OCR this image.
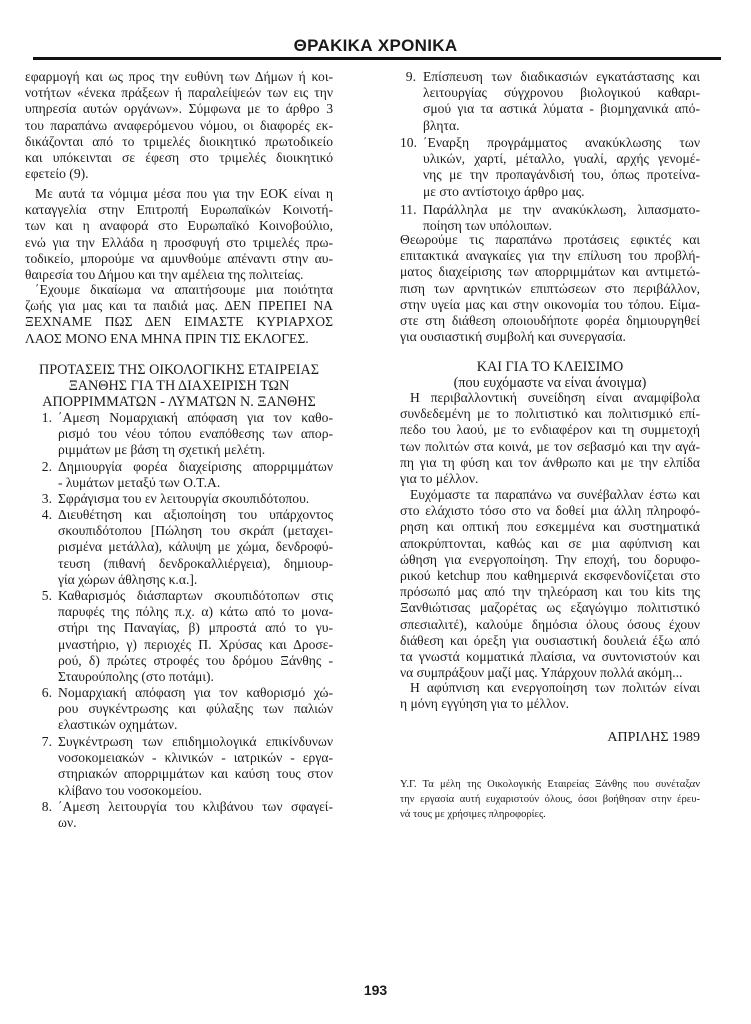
ΘΡΑΚΙΚΑ ΧΡΟΝΙΚΑ
εφαρμογή και ως προς την ευθύνη των Δήμων ή κοι-
νοτήτων «ένεκα πράξεων ή παραλείψεών των εις την
υπηρεσία αυτών οργάνων». Σύμφωνα με το άρθρο 3
του παραπάνω αναφερόμενου νόμου, οι διαφορές εκ-
δικάζονται από το τριμελές διοικητικό πρωτοδικείο
και υπόκεινται σε έφεση στο τριμελές διοικητικό
εφετείο (9).
Με αυτά τα νόμιμα μέσα που για την ΕΟΚ είναι η
καταγγελία στην Επιτροπή Ευρωπαϊκών Κοινοτή-
των και η αναφορά στο Ευρωπαϊκό Κοινοβούλιο,
ενώ για την Ελλάδα η προσφυγή στο τριμελές πρω-
τοδικείο, μπορούμε να αμυνθούμε απέναντι στην αυ-
θαιρεσία του Δήμου και την αμέλεια της πολιτείας.
΄Εχουμε δικαίωμα να απαιτήσουμε μια ποιότητα
ζωής για μας και τα παιδιά μας. ΔΕΝ ΠΡΕΠΕΙ ΝΑ
ΞΕΧΝΑΜΕ ΠΩΣ ΔΕΝ ΕΙΜΑΣΤΕ ΚΥΡΙΑΡΧΟΣ
ΛΑΟΣ ΜΟΝΟ ΕΝΑ ΜΗΝΑ ΠΡΙΝ ΤΙΣ ΕΚΛΟΓΕΣ.
ΠΡΟΤΑΣΕΙΣ ΤΗΣ ΟΙΚΟΛΟΓΙΚΗΣ ΕΤΑΙΡΕΙΑΣ
ΞΑΝΘΗΣ ΓΙΑ ΤΗ ΔΙΑΧΕΙΡΙΣΗ ΤΩΝ
ΑΠΟΡΡΙΜΜΑΤΩΝ - ΛΥΜΑΤΩΝ Ν. ΞΑΝΘΗΣ
1. ΄Αμεση Νομαρχιακή απόφαση για τον καθο-
ρισμό του νέου τόπου εναπόθεσης των απορ-
ριμμάτων με βάση τη σχετική μελέτη.
2. Δημιουργία φορέα διαχείρισης απορριμμάτων
- λυμάτων μεταξύ των Ο.Τ.Α.
3. Σφράγισμα του εν λειτουργία σκουπιδότοπου.
4. Διευθέτηση και αξιοποίηση του υπάρχοντος
σκουπιδότοπου [Πώληση του σκράπ (μεταχει-
ρισμένα μετάλλα), κάλυψη με χώμα, δενδροφύ-
τευση (πιθανή δενδροκαλλιέργεια), δημιουρ-
γία χώρων άθλησης κ.α.].
5. Καθαρισμός διάσπαρτων σκουπιδότοπων στις
παρυφές της πόλης π.χ. α) κάτω από το μονα-
στήρι της Παναγίας, β) μπροστά από το γυ-
μναστήριο, γ) περιοχές Π. Χρύσας και Δροσε-
ρού, δ) πρώτες στροφές του δρόμου Ξάνθης -
Σταυρούπολης (στο ποτάμι).
6. Νομαρχιακή απόφαση για τον καθορισμό χώ-
ρου συγκέντρωσης και φύλαξης των παλιών
ελαστικών οχημάτων.
7. Συγκέντρωση των επιδημιολογικά επικίνδυνων
νοσοκομειακών - κλινικών - ιατρικών - εργα-
στηριακών απορριμμάτων και καύση τους στον
κλίβανο του νοσοκομείου.
8. ΄Αμεση λειτουργία του κλιβάνου των σφαγεί-
ων.
9. Επίσπευση των διαδικασιών εγκατάστασης και
λειτουργίας σύγχρονου βιολογικού καθαρι-
σμού για τα αστικά λύματα - βιομηχανικά από-
βλητα.
10. ΄Εναρξη προγράμματος ανακύκλωσης των
υλικών, χαρτί, μέταλλο, γυαλί, αρχής γενομέ-
νης με την προπαγάνδισή του, όπως προτείνα-
με στο αντίστοιχο άρθρο μας.
11. Παράλληλα με την ανακύκλωση, λιπασματο-
ποίηση των υπόλοιπων.
Θεωρούμε τις παραπάνω προτάσεις εφικτές και
επιτακτικά αναγκαίες για την επίλυση του προβλή-
ματος διαχείρισης των απορριμμάτων και αντιμετώ-
πιση των αρνητικών επιπτώσεων στο περιβάλλον,
στην υγεία μας και στην οικονομία του τόπου. Είμα-
στε στη διάθεση οποιουδήποτε φορέα δημιουργηθεί
για ουσιαστική συμβολή και συνεργασία.
ΚΑΙ ΓΙΑ ΤΟ ΚΛΕΙΣΙΜΟ
(που ευχόμαστε να είναι άνοιγμα)
Η περιβαλλοντική συνείδηση είναι αναμφίβολα
συνδεδεμένη με το πολιτιστικό και πολιτισμικό επί-
πεδο του λαού, με το ενδιαφέρον και τη συμμετοχή
των πολιτών στα κοινά, με τον σεβασμό και την αγά-
πη για τη φύση και τον άνθρωπο και με την ελπίδα
για το μέλλον.
Ευχόμαστε τα παραπάνω να συνέβαλλαν έστω και
στο ελάχιστο τόσο στο να δοθεί μια άλλη πληροφό-
ρηση και οπτική που εσκεμμένα και συστηματικά
αποκρύπτονται, καθώς και σε μια αφύπνιση και
ώθηση για ενεργοποίηση. Την εποχή, του δορυφο-
ρικού ketchup που καθημερινά εκσφενδονίζεται στο
πρόσωπό μας από την τηλεόραση και του kits της
Ξανθιώτισας μαζορέτας ως εξαγώγιμο πολιτιστικό
σπεσιαλιτέ), καλούμε δημόσια όλους όσους έχουν
διάθεση και όρεξη για ουσιαστική δουλειά έξω από
τα γνωστά κομματικά πλαίσια, να συντονιστούν και
να συμπράξουν μαζί μας. Υπάρχουν πολλά ακόμη...
Η αφύπνιση και ενεργοποίηση των πολιτών είναι
η μόνη εγγύηση για το μέλλον.
ΑΠΡΙΛΗΣ 1989
Υ.Γ. Τα μέλη της Οικολογικής Εταιρείας Ξάνθης που συνέταξαν
την εργασία αυτή ευχαριστούν όλους, όσοι βοήθησαν στην έρευ-
νά τους με χρήσιμες πληροφορίες.
193
